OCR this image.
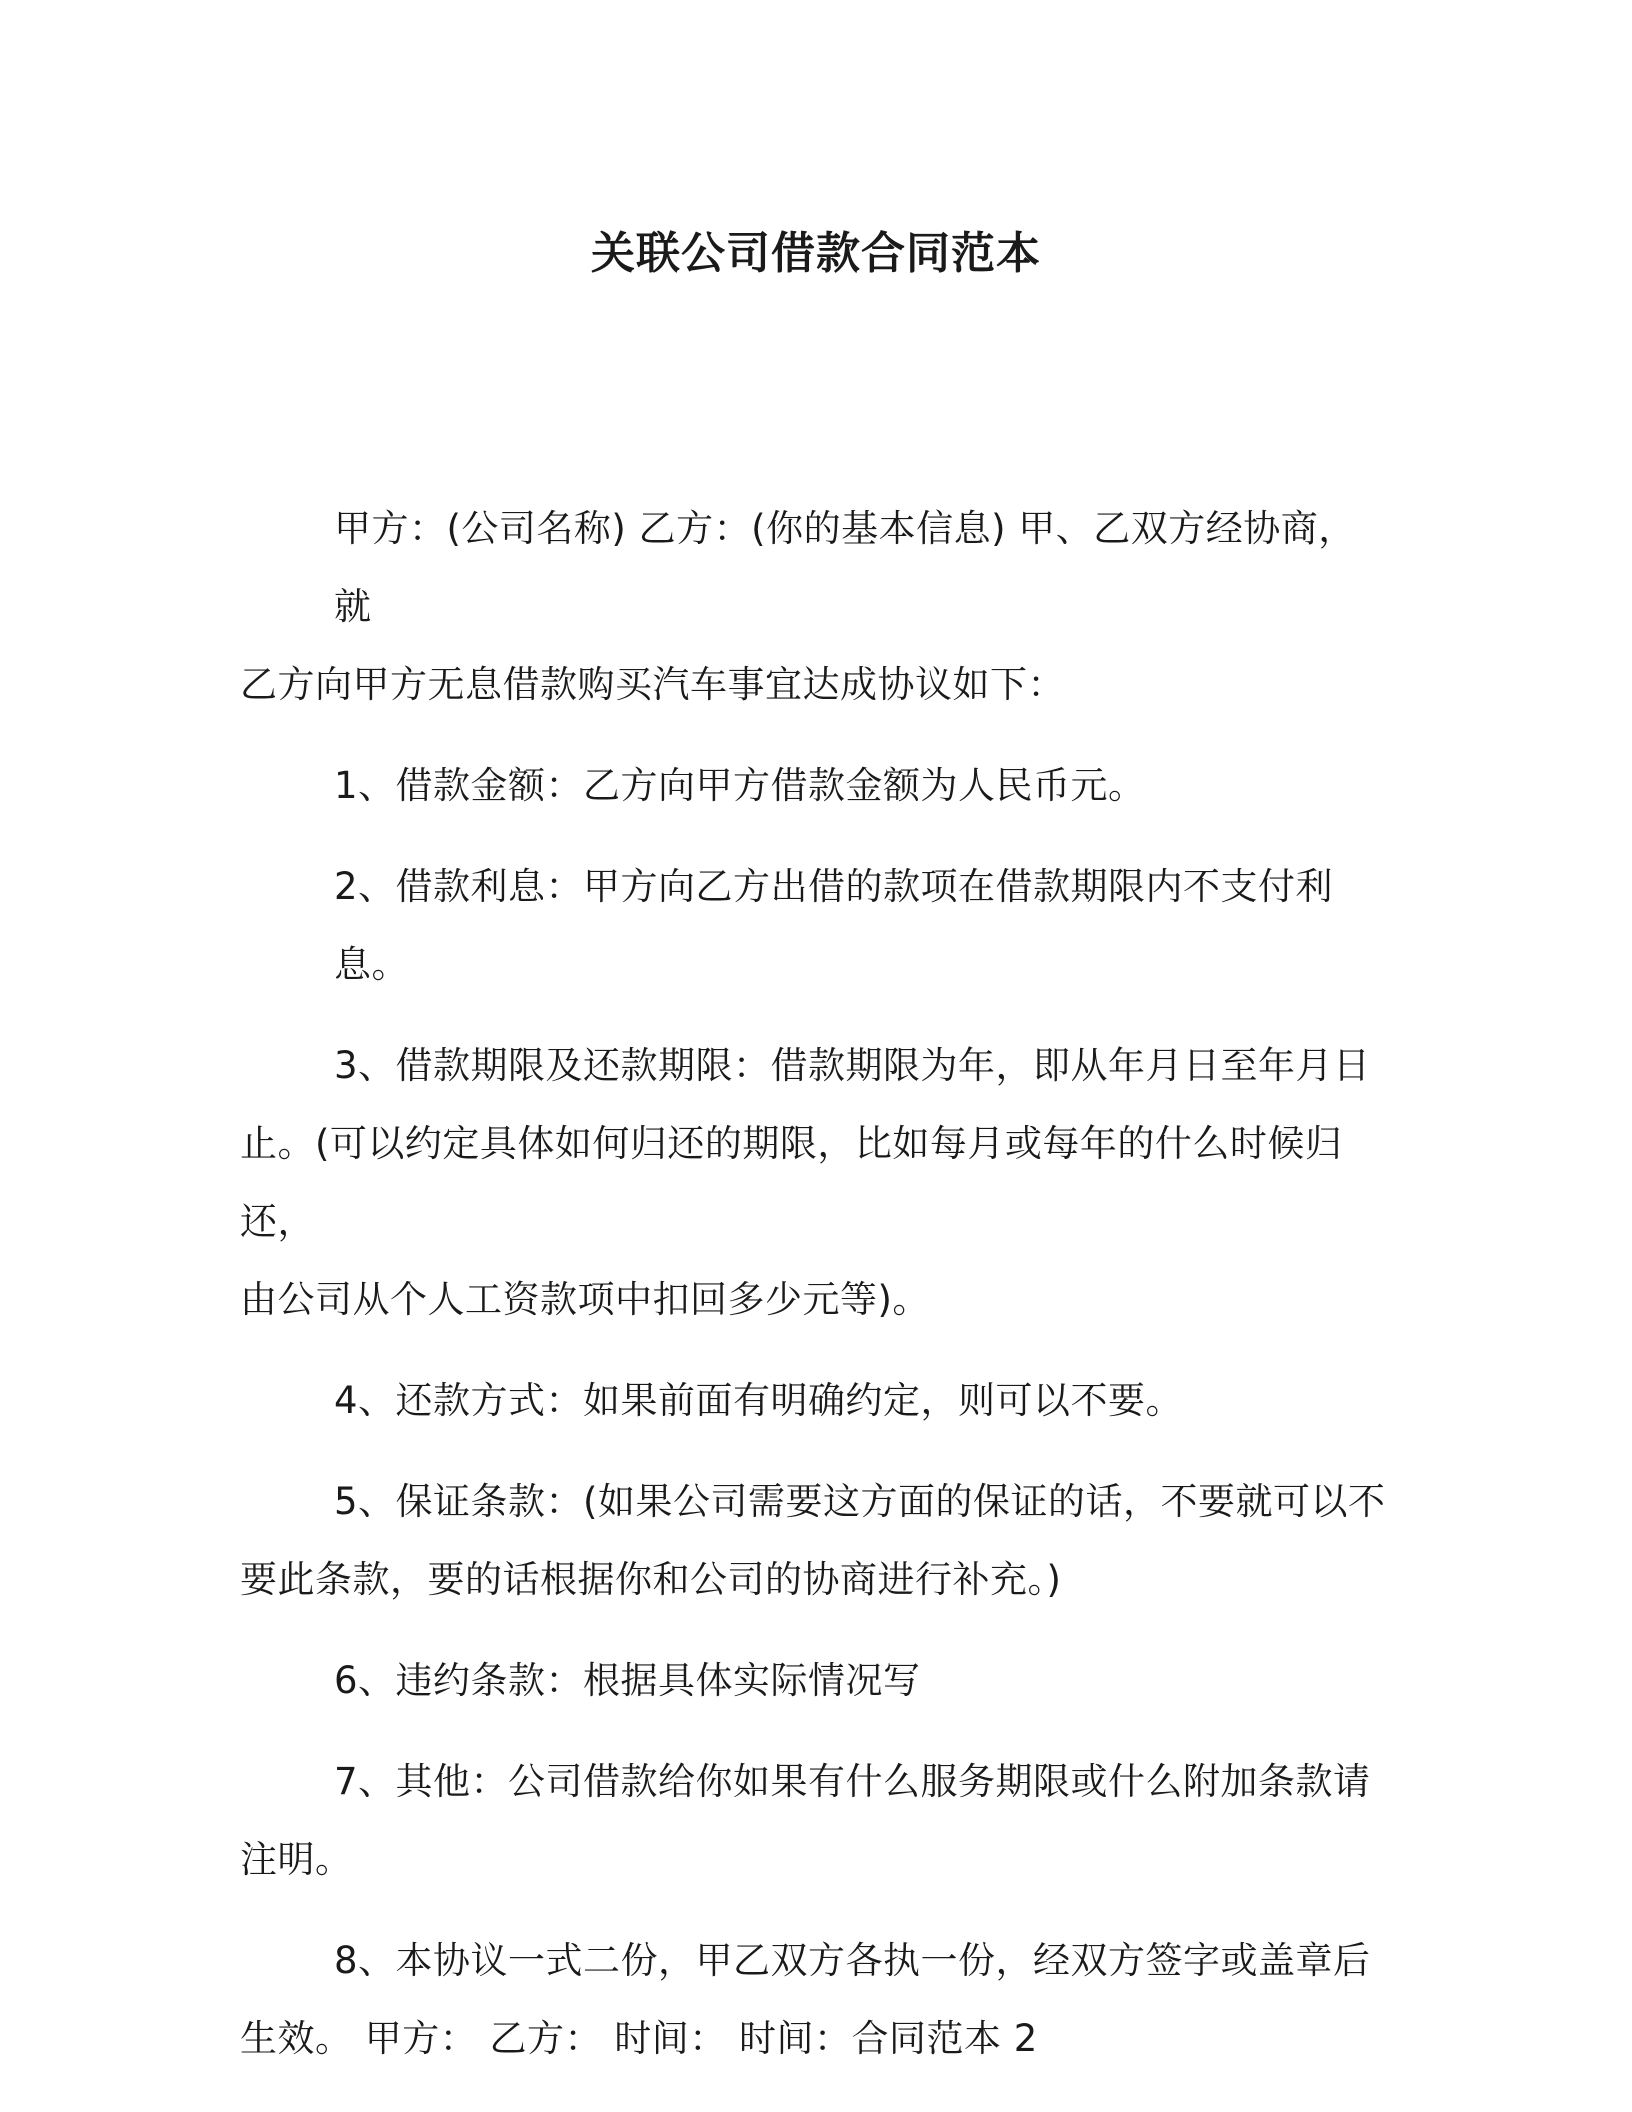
关联公司借款合同范本
甲方：(公司名称) 乙方：(你的基本信息) 甲、乙双方经协商，就
乙方向甲方无息借款购买汽车事宜达成协议如下：
1、借款金额：乙方向甲方借款金额为人民币元。
2、借款利息：甲方向乙方出借的款项在借款期限内不支付利息。
3、借款期限及还款期限：借款期限为年，即从年月日至年月日
止。(可以约定具体如何归还的期限，比如每月或每年的什么时候归还，
由公司从个人工资款项中扣回多少元等)。
4、还款方式：如果前面有明确约定，则可以不要。
5、保证条款：(如果公司需要这方面的保证的话，不要就可以不
要此条款，要的话根据你和公司的协商进行补充。)
6、违约条款：根据具体实际情况写
7、其他：公司借款给你如果有什么服务期限或什么附加条款请
注明。
8、本协议一式二份，甲乙双方各执一份，经双方签字或盖章后
生效。 甲方： 乙方： 时间： 时间：合同范本 2
